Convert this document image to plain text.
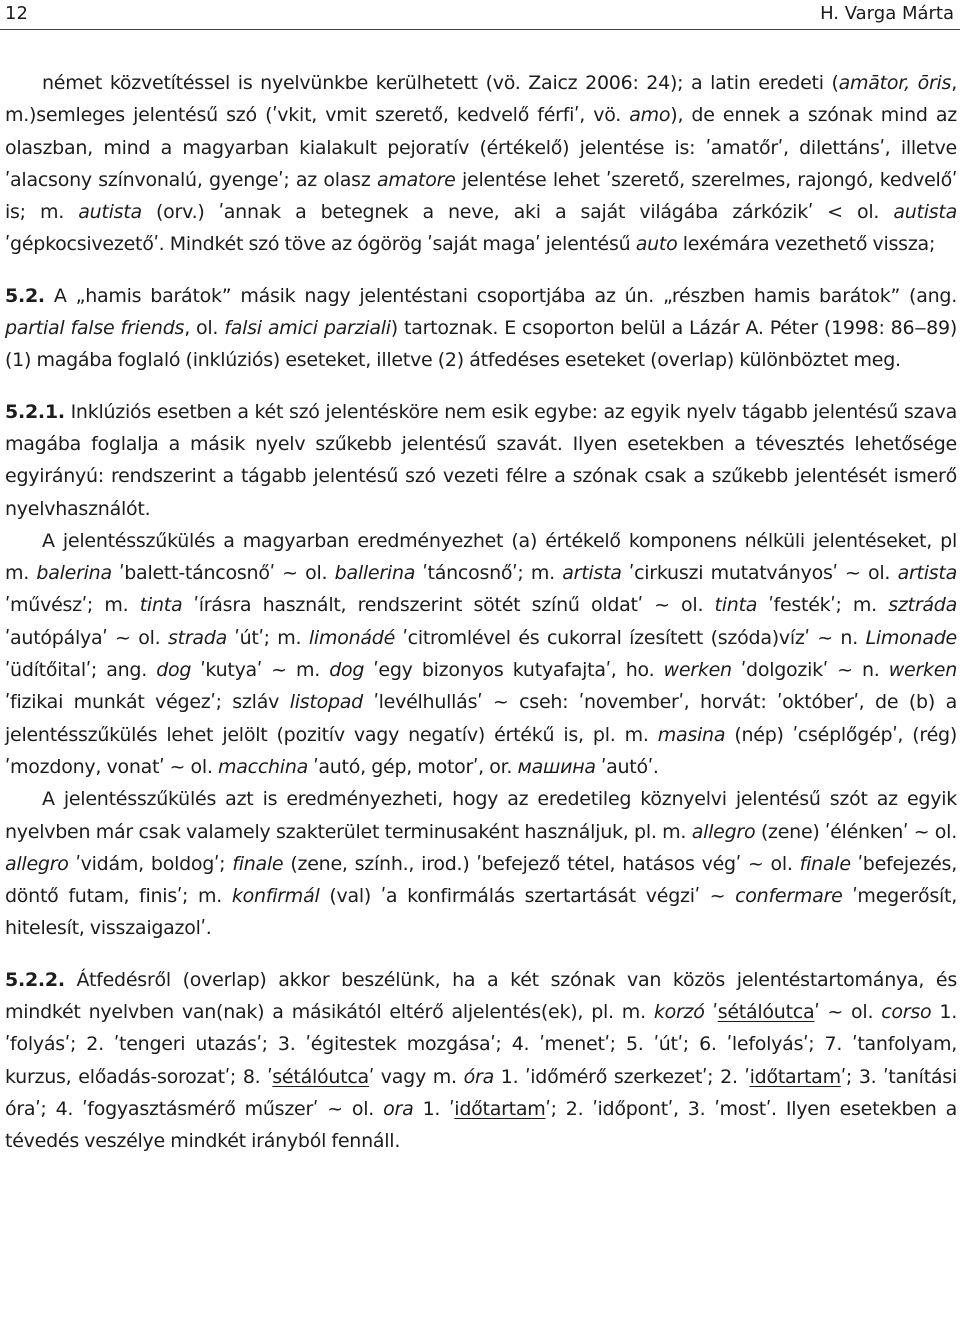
12	H. Varga Márta

német közvetítéssel is nyelvünkbe kerülhetett (vö. Zaicz 2006: 24); a latin eredeti (amātor, ōris, m.)semleges jelentésű szó (ʹvkit, vmit szerető, kedvelő férfiʹ, vö. amo), de ennek a szónak mind az olaszban, mind a magyarban kialakult pejoratív (értékelő) jelentése is: ʹamatőrʹ, dilettánsʹ, illetve ʹalacsony színvonalú, gyengeʹ; az olasz amatore jelentése lehet ʹszerető, szerelmes, rajongó, kedvelőʹ is; m. autista (orv.) ʹannak a betegnek a neve, aki a saját világába zárkózikʹ < ol. autista ʹgépkocsivezetőʹ. Mindkét szó töve az ógörög ʹsaját magaʹ jelentésű auto lexémára vezethető vissza;

5.2. A „hamis barátok” másik nagy jelentéstani csoportjába az ún. „részben hamis barátok” (ang. partial false friends, ol. falsi amici parziali) tartoznak. E csoporton belül a Lázár A. Péter (1998: 86‒89) (1) magába foglaló (inklúziós) eseteket, illetve (2) átfedéses eseteket (overlap) különböztet meg.

5.2.1. Inklúziós esetben a két szó jelentésköre nem esik egybe: az egyik nyelv tágabb jelentésű szava magába foglalja a másik nyelv szűkebb jelentésű szavát. Ilyen esetekben a tévesztés lehetősége egyirányú: rendszerint a tágabb jelentésű szó vezeti félre a szónak csak a szűkebb jelentését ismerő nyelvhasználót.

A jelentésszűkülés a magyarban eredményezhet (a) értékelő komponens nélküli jelentéseket, pl m. balerina ʹbalett-táncosnőʹ ~ ol. ballerina ʹtáncosnőʹ; m. artista ʹcirkuszi mutatványosʹ ~ ol. artista ʹművészʹ; m. tinta ʹírásra használt, rendszerint sötét színű oldatʹ ~ ol. tinta ʹfestékʹ; m. sztráda ʹautópályaʹ ~ ol. strada ʹútʹ; m. limonádé ʹcitromlével és cukorral ízesített (szóda)vízʹ ~ n. Limonade ʹüdítőitalʹ; ang. dog ʹkutyaʹ ~ m. dog ʹegy bizonyos kutyafajtaʹ, ho. werken ʹdolgozikʹ ~ n. werken ʹfizikai munkát végezʹ; szláv listopad ʹlevélhullásʹ ~ cseh: ʹnovemberʹ, horvát: ʹoktóberʹ, de (b) a jelentésszűkülés lehet jelölt (pozitív vagy negatív) értékű is, pl. m. masina (nép) ʹcséplőgépʹ, (rég) ʹmozdony, vonatʹ ~ ol. macchina ʹautó, gép, motorʹ, or. машина ʹautóʹ.

A jelentésszűkülés azt is eredményezheti, hogy az eredetileg köznyelvi jelentésű szót az egyik nyelvben már csak valamely szakterület terminusaként használjuk, pl. m. allegro (zene) ʹélénkenʹ ~ ol. allegro ʹvidám, boldogʹ; finale (zene, szính., irod.) ʹbefejező tétel, hatásos végʹ ~ ol. finale ʹbefejezés, döntő futam, finisʹ; m. konfirmál (val) ʹa konfirmálás szertartását végziʹ ~ confermare ʹmegerősít, hitelesít, visszaigazolʹ.

5.2.2. Átfedésről (overlap) akkor beszélünk, ha a két szónak van közös jelentéstartománya, és mindkét nyelvben van(nak) a másikától eltérő aljelentés(ek), pl. m. korzó ʹsétálóutcaʹ ~ ol. corso 1. ʹfolyásʹ; 2. ʹtengeri utazásʹ; 3. ʹégitestek mozgásaʹ; 4. ʹmenetʹ; 5. ʹútʹ; 6. ʹlefolyásʹ; 7. ʹtanfolyam, kurzus, előadás-sorozatʹ; 8. ʹsétálóutcaʹ vagy m. óra 1. ʹidőmérő szerkezetʹ; 2. ʹidőtartamʹ; 3. ʹtanítási óraʹ; 4. ʹfogyasztásmérő műszerʹ ~ ol. ora 1. ʹidőtartamʹ; 2. ʹidőpontʹ, 3. ʹmostʹ. Ilyen esetekben a tévedés veszélye mindkét irányból fennáll.
